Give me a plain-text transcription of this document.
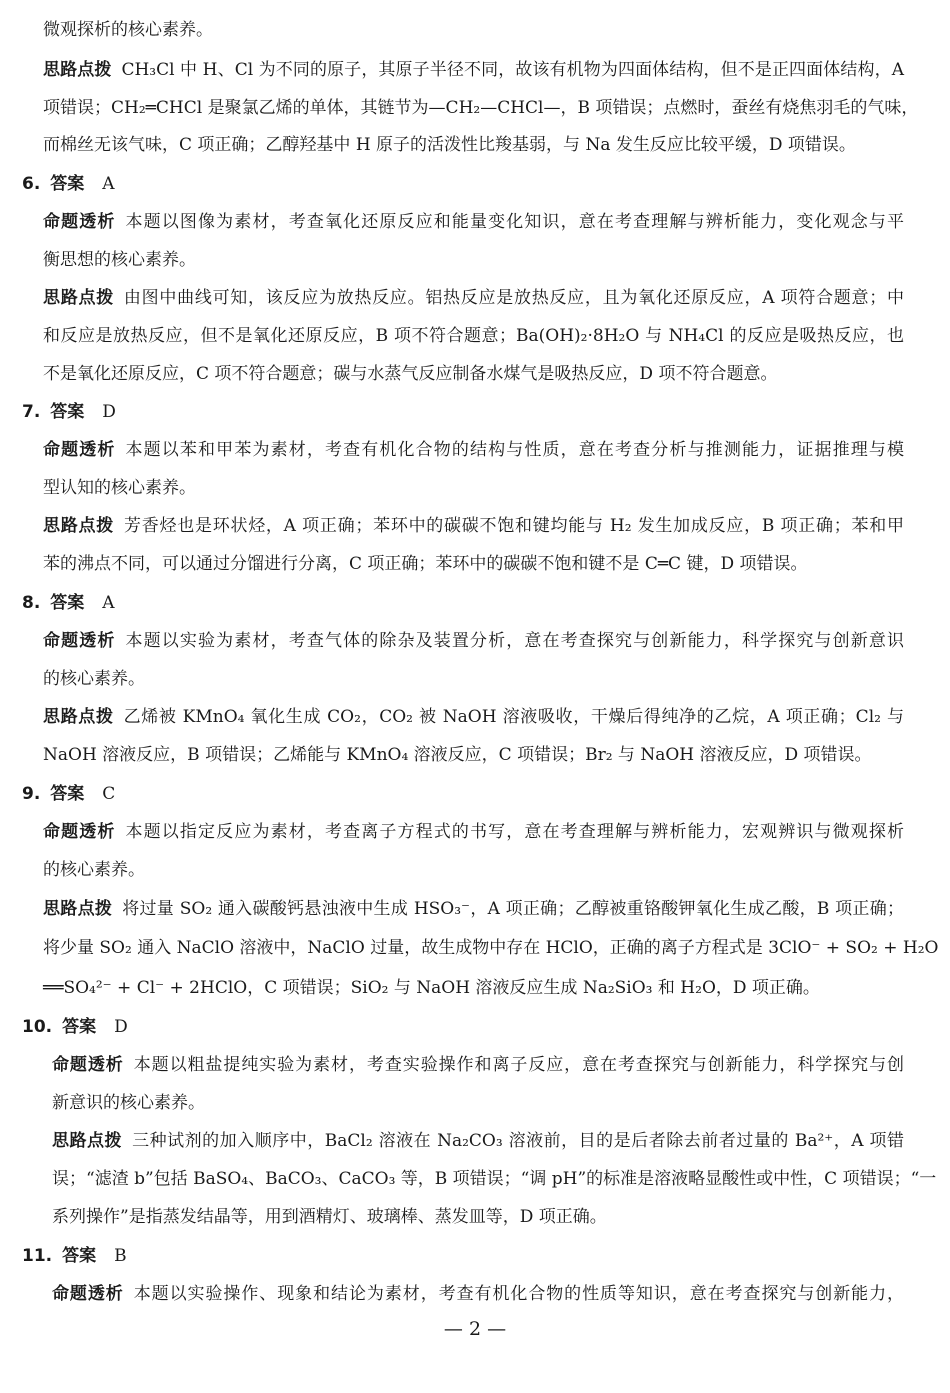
微观探析的核心素养。
思路点拨 CH₃Cl 中 H、Cl 为不同的原子，其原子半径不同，故该有机物为四面体结构，但不是正四面体结构，A
项错误；CH₂═CHCl 是聚氯乙烯的单体，其链节为—CH₂—CHCl—，B 项错误；点燃时，蚕丝有烧焦羽毛的气味，
而棉丝无该气味，C 项正确；乙醇羟基中 H 原子的活泼性比羧基弱，与 Na 发生反应比较平缓，D 项错误。
6. 答案 A
命题透析 本题以图像为素材，考查氧化还原反应和能量变化知识，意在考查理解与辨析能力，变化观念与平
衡思想的核心素养。
思路点拨 由图中曲线可知，该反应为放热反应。铝热反应是放热反应，且为氧化还原反应，A 项符合题意；中
和反应是放热反应，但不是氧化还原反应，B 项不符合题意；Ba(OH)₂·8H₂O 与 NH₄Cl 的反应是吸热反应，也
不是氧化还原反应，C 项不符合题意；碳与水蒸气反应制备水煤气是吸热反应，D 项不符合题意。
7. 答案 D
命题透析 本题以苯和甲苯为素材，考查有机化合物的结构与性质，意在考查分析与推测能力，证据推理与模
型认知的核心素养。
思路点拨 芳香烃也是环状烃，A 项正确；苯环中的碳碳不饱和键均能与 H₂ 发生加成反应，B 项正确；苯和甲
苯的沸点不同，可以通过分馏进行分离，C 项正确；苯环中的碳碳不饱和键不是 C═C 键，D 项错误。
8. 答案 A
命题透析 本题以实验为素材，考查气体的除杂及装置分析，意在考查探究与创新能力，科学探究与创新意识
的核心素养。
思路点拨 乙烯被 KMnO₄ 氧化生成 CO₂，CO₂ 被 NaOH 溶液吸收，干燥后得纯净的乙烷，A 项正确；Cl₂ 与
NaOH 溶液反应，B 项错误；乙烯能与 KMnO₄ 溶液反应，C 项错误；Br₂ 与 NaOH 溶液反应，D 项错误。
9. 答案 C
命题透析 本题以指定反应为素材，考查离子方程式的书写，意在考查理解与辨析能力，宏观辨识与微观探析
的核心素养。
思路点拨 将过量 SO₂ 通入碳酸钙悬浊液中生成 HSO₃⁻，A 项正确；乙醇被重铬酸钾氧化生成乙酸，B 项正确；
将少量 SO₂ 通入 NaClO 溶液中，NaClO 过量，故生成物中存在 HClO，正确的离子方程式是 3ClO⁻ + SO₂ + H₂O
══SO₄²⁻ + Cl⁻ + 2HClO，C 项错误；SiO₂ 与 NaOH 溶液反应生成 Na₂SiO₃ 和 H₂O，D 项正确。
10. 答案 D
命题透析 本题以粗盐提纯实验为素材，考查实验操作和离子反应，意在考查探究与创新能力，科学探究与创
新意识的核心素养。
思路点拨 三种试剂的加入顺序中，BaCl₂ 溶液在 Na₂CO₃ 溶液前，目的是后者除去前者过量的 Ba²⁺，A 项错
误；“滤渣 b”包括 BaSO₄、BaCO₃、CaCO₃ 等，B 项错误；“调 pH”的标准是溶液略显酸性或中性，C 项错误；“一
系列操作”是指蒸发结晶等，用到酒精灯、玻璃棒、蒸发皿等，D 项正确。
11. 答案 B
命题透析 本题以实验操作、现象和结论为素材，考查有机化合物的性质等知识，意在考查探究与创新能力，
— 2 —
